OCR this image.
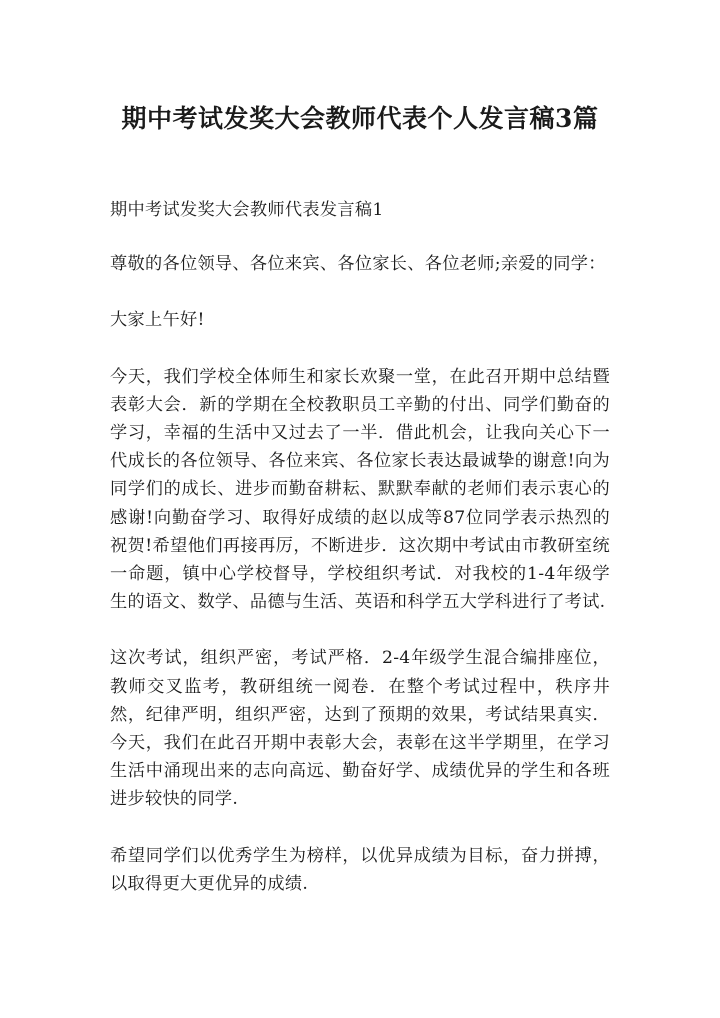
期中考试发奖大会教师代表个人发言稿3篇

期中考试发奖大会教师代表发言稿1

尊敬的各位领导、各位来宾、各位家长、各位老师;亲爱的同学：

大家上午好!

今天，我们学校全体师生和家长欢聚一堂，在此召开期中总结暨表彰大会．新的学期在全校教职员工辛勤的付出、同学们勤奋的学习，幸福的生活中又过去了一半．借此机会，让我向关心下一代成长的各位领导、各位来宾、各位家长表达最诚挚的谢意!向为同学们的成长、进步而勤奋耕耘、默默奉献的老师们表示衷心的感谢!向勤奋学习、取得好成绩的赵以成等87位同学表示热烈的祝贺!希望他们再接再厉，不断进步．这次期中考试由市教研室统一命题，镇中心学校督导，学校组织考试．对我校的1-4年级学生的语文、数学、品德与生活、英语和科学五大学科进行了考试.

这次考试，组织严密，考试严格．2-4年级学生混合编排座位，教师交叉监考，教研组统一阅卷．在整个考试过程中，秩序井然，纪律严明，组织严密，达到了预期的效果，考试结果真实．今天，我们在此召开期中表彰大会，表彰在这半学期里，在学习生活中涌现出来的志向高远、勤奋好学、成绩优异的学生和各班进步较快的同学.

希望同学们以优秀学生为榜样，以优异成绩为目标，奋力拼搏，以取得更大更优异的成绩.
